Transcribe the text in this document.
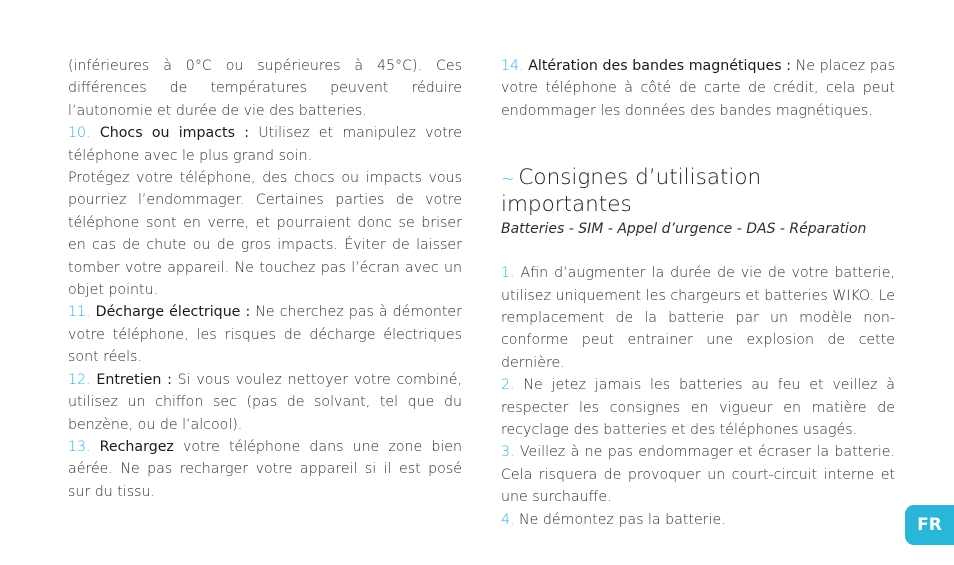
(inférieures à 0°C ou supérieures à 45°C). Ces différences de températures peuvent réduire l’autonomie et durée de vie des batteries.

10. Chocs ou impacts : Utilisez et manipulez votre téléphone avec le plus grand soin.

Protégez votre téléphone, des chocs ou impacts vous pourriez l’endommager. Certaines parties de votre téléphone sont en verre, et pourraient donc se briser en cas de chute ou de gros impacts. Éviter de laisser tomber votre appareil. Ne touchez pas l’écran avec un objet pointu.

11. Décharge électrique : Ne cherchez pas à démonter votre téléphone, les risques de décharge électriques sont réels.

12. Entretien : Si vous voulez nettoyer votre combiné, utilisez un chiffon sec (pas de solvant, tel que du benzène, ou de l’alcool).

13. Rechargez votre téléphone dans une zone bien aérée. Ne pas recharger votre appareil si il est posé sur du tissu.

14. Altération des bandes magnétiques : Ne placez pas votre téléphone à côté de carte de crédit, cela peut endommager les données des bandes magnétiques.

~ Consignes d’utilisation importantes
Batteries - SIM - Appel d’urgence - DAS - Réparation

1. Afin d’augmenter la durée de vie de votre batterie, utilisez uniquement les chargeurs et batteries WIKO. Le remplacement de la batterie par un modèle non-conforme peut entrainer une explosion de cette dernière.

2. Ne jetez jamais les batteries au feu et veillez à respecter les consignes en vigueur en matière de recyclage des batteries et des téléphones usagés.

3. Veillez à ne pas endommager et écraser la batterie. Cela risquera de provoquer un court-circuit interne et une surchauffe.

4. Ne démontez pas la batterie.	FR
